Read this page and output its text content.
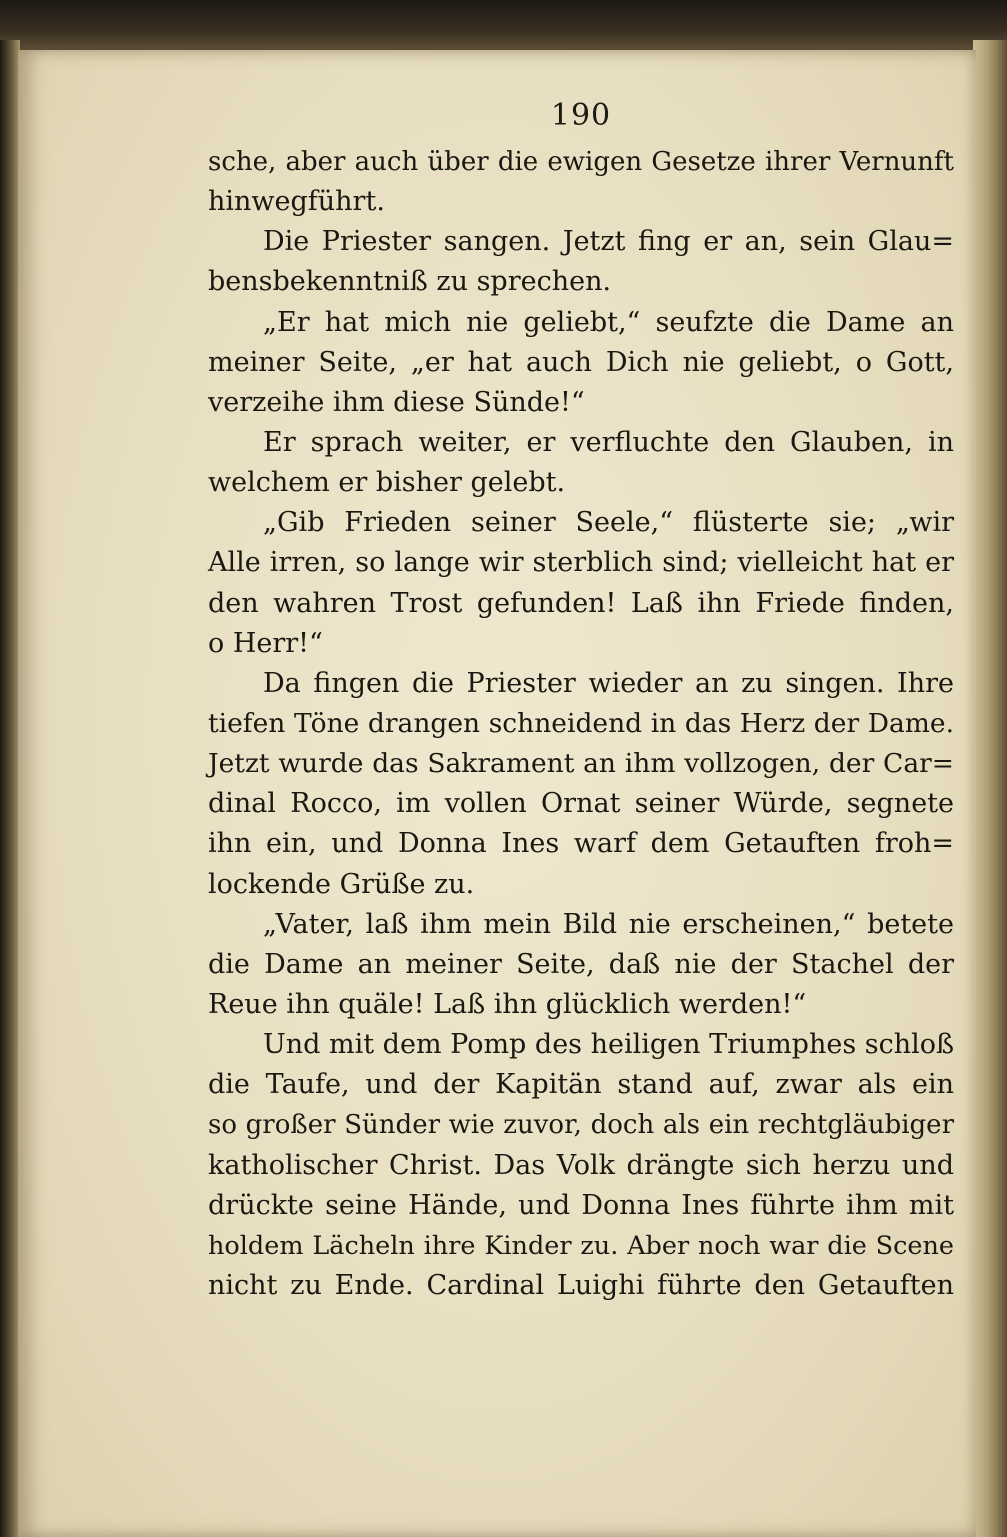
190
sche, aber auch über die ewigen Gesetze ihrer Vernunft
hinwegführt.
Die Priester sangen. Jetzt fing er an, sein Glau=
bensbekenntniß zu sprechen.
„Er hat mich nie geliebt,“ seufzte die Dame an
meiner Seite, „er hat auch Dich nie geliebt, o Gott,
verzeihe ihm diese Sünde!“
Er sprach weiter, er verfluchte den Glauben, in
welchem er bisher gelebt.
„Gib Frieden seiner Seele,“ flüsterte sie; „wir
Alle irren, so lange wir sterblich sind; vielleicht hat er
den wahren Trost gefunden! Laß ihn Friede finden,
o Herr!“
Da fingen die Priester wieder an zu singen. Ihre
tiefen Töne drangen schneidend in das Herz der Dame.
Jetzt wurde das Sakrament an ihm vollzogen, der Car=
dinal Rocco, im vollen Ornat seiner Würde, segnete
ihn ein, und Donna Ines warf dem Getauften froh=
lockende Grüße zu.
„Vater, laß ihm mein Bild nie erscheinen,“ betete
die Dame an meiner Seite, daß nie der Stachel der
Reue ihn quäle! Laß ihn glücklich werden!“
Und mit dem Pomp des heiligen Triumphes schloß
die Taufe, und der Kapitän stand auf, zwar als ein
so großer Sünder wie zuvor, doch als ein rechtgläubiger
katholischer Christ. Das Volk drängte sich herzu und
drückte seine Hände, und Donna Ines führte ihm mit
holdem Lächeln ihre Kinder zu. Aber noch war die Scene
nicht zu Ende. Cardinal Luighi führte den Getauften
